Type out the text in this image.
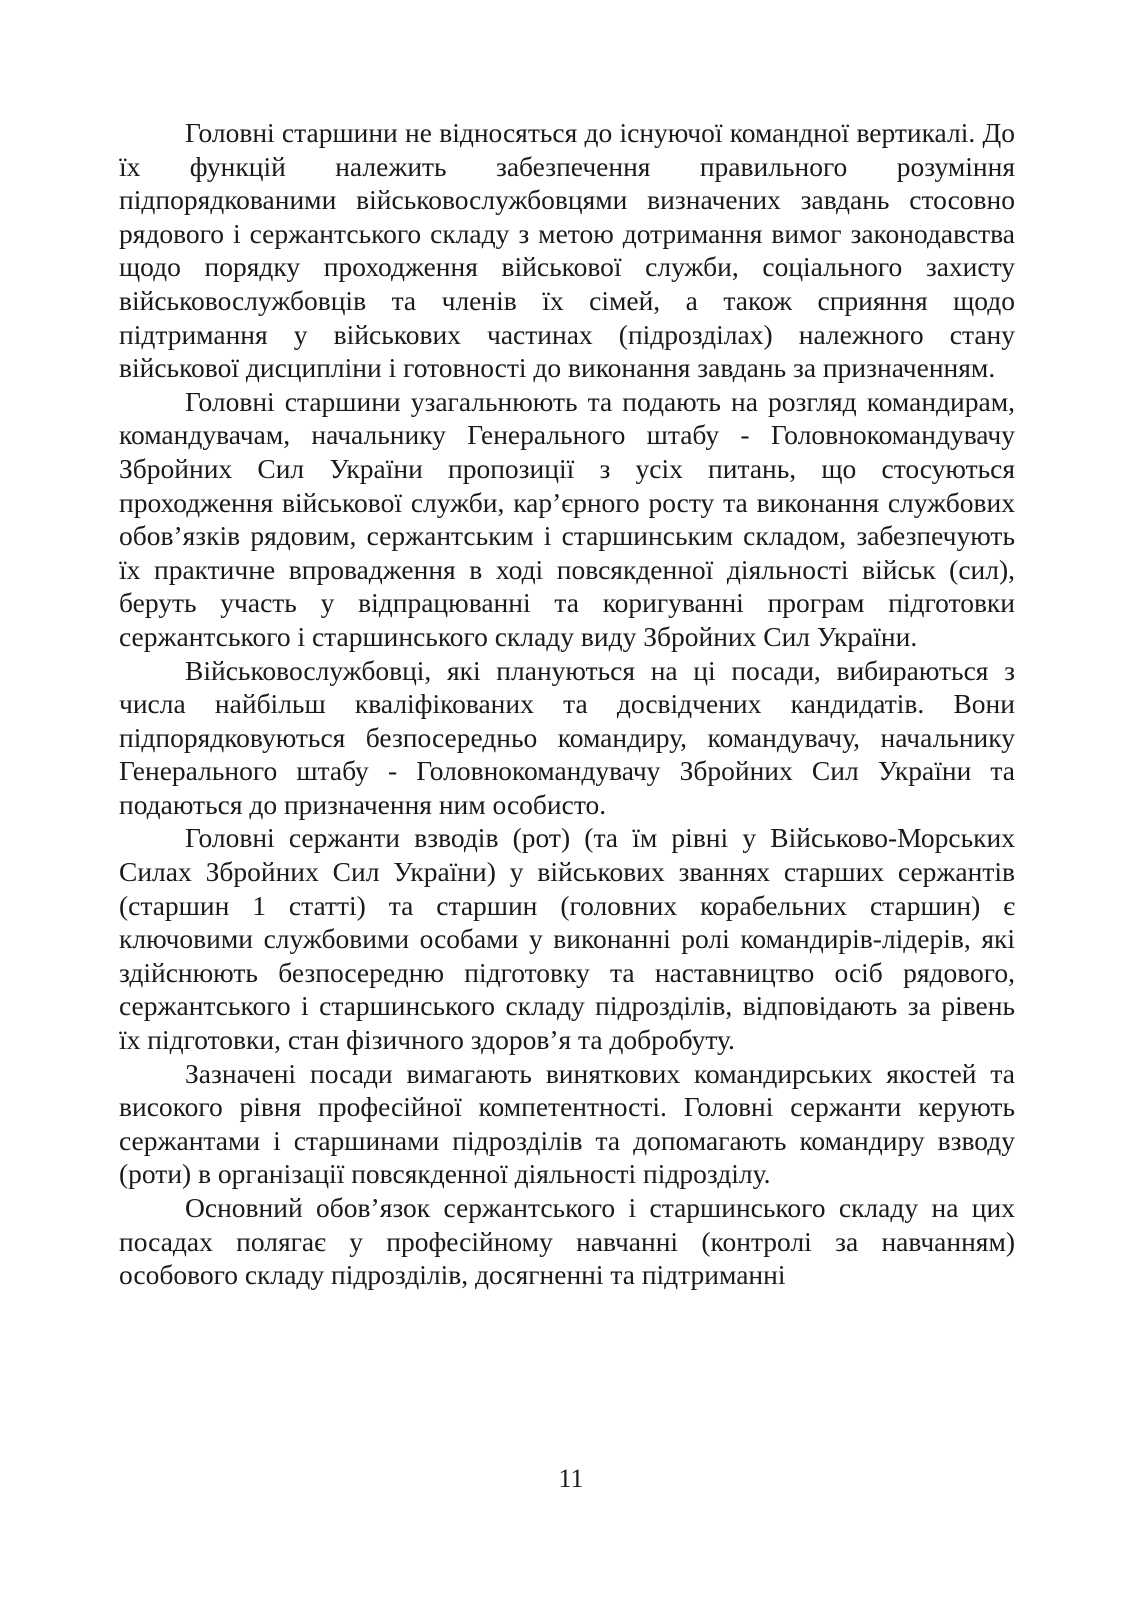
Головні старшини не відносяться до існуючої командної вертикалі. До їх функцій належить забезпечення правильного розуміння підпорядкованими військовослужбовцями визначених завдань стосовно рядового і сержантського складу з метою дотримання вимог законодавства щодо порядку проходження військової служби, соціального захисту військовослужбовців та членів їх сімей, а також сприяння щодо підтримання у військових частинах (підрозділах) належного стану військової дисципліни і готовності до виконання завдань за призначенням.

Головні старшини узагальнюють та подають на розгляд командирам, командувачам, начальнику Генерального штабу - Головнокомандувачу Збройних Сил України пропозиції з усіх питань, що стосуються проходження військової служби, кар’єрного росту та виконання службових обов’язків рядовим, сержантським і старшинським складом, забезпечують їх практичне впровадження в ході повсякденної діяльності військ (сил), беруть участь у відпрацюванні та коригуванні програм підготовки сержантського і старшинського складу виду Збройних Сил України.

Військовослужбовці, які плануються на ці посади, вибираються з числа найбільш кваліфікованих та досвідчених кандидатів. Вони підпорядковуються безпосередньо командиру, командувачу, начальнику Генерального штабу - Головнокомандувачу Збройних Сил України та подаються до призначення ним особисто.

Головні сержанти взводів (рот) (та їм рівні у Військово-Морських Силах Збройних Сил України) у військових званнях старших сержантів (старшин 1 статті) та старшин (головних корабельних старшин) є ключовими службовими особами у виконанні ролі командирів-лідерів, які здійснюють безпосередню підготовку та наставництво осіб рядового, сержантського і старшинського складу підрозділів, відповідають за рівень їх підготовки, стан фізичного здоров’я та добробуту.

Зазначені посади вимагають виняткових командирських якостей та високого рівня професійної компетентності. Головні сержанти керують сержантами і старшинами підрозділів та допомагають командиру взводу (роти) в організації повсякденної діяльності підрозділу.

Основний обов’язок сержантського і старшинського складу на цих посадах полягає у професійному навчанні (контролі за навчанням) особового складу підрозділів, досягненні та підтриманні

11
